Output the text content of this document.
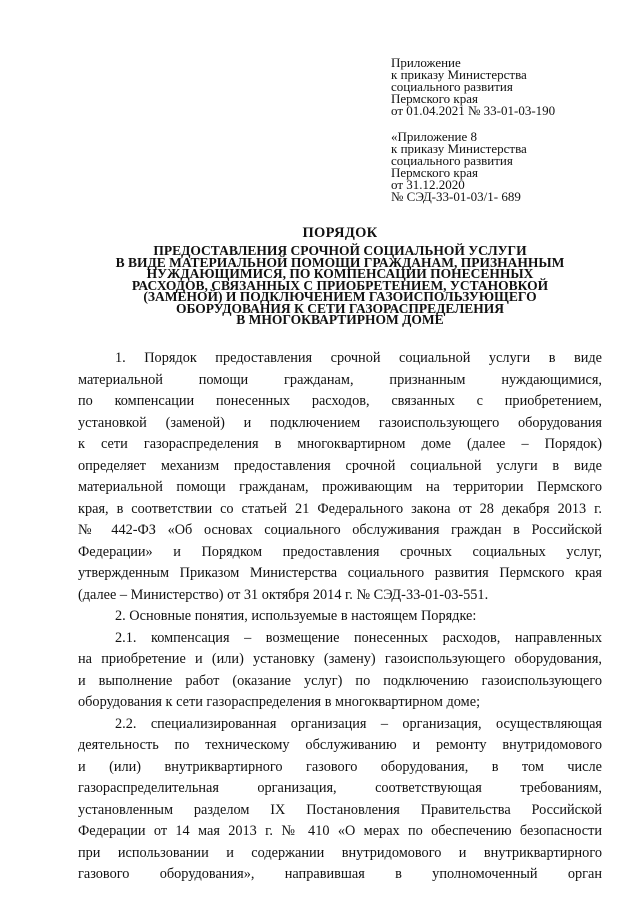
Приложение
к приказу Министерства
социального развития
Пермского края
от 01.04.2021 № 33-01-03-190
«Приложение 8
к приказу Министерства
социального развития
Пермского края
от 31.12.2020
№ СЭД-33-01-03/1- 689
ПОРЯДОК
ПРЕДОСТАВЛЕНИЯ СРОЧНОЙ СОЦИАЛЬНОЙ УСЛУГИ
В ВИДЕ МАТЕРИАЛЬНОЙ ПОМОЩИ ГРАЖДАНАМ, ПРИЗНАННЫМ
НУЖДАЮЩИМИСЯ, ПО КОМПЕНСАЦИИ ПОНЕСЕННЫХ
РАСХОДОВ, СВЯЗАННЫХ С ПРИОБРЕТЕНИЕМ, УСТАНОВКОЙ
(ЗАМЕНОЙ) И ПОДКЛЮЧЕНИЕМ ГАЗОИСПОЛЬЗУЮЩЕГО
ОБОРУДОВАНИЯ К СЕТИ ГАЗОРАСПРЕДЕЛЕНИЯ
В МНОГОКВАРТИРНОМ ДОМЕ
1. Порядок предоставления срочной социальной услуги в виде
материальной помощи гражданам, признанным нуждающимися,
по компенсации понесенных расходов, связанных с приобретением,
установкой (заменой) и подключением газоиспользующего оборудования
к сети газораспределения в многоквартирном доме (далее – Порядок)
определяет механизм предоставления срочной социальной услуги в виде
материальной помощи гражданам, проживающим на территории Пермского
края, в соответствии со статьей 21 Федерального закона от 28 декабря 2013 г.
№ 442-ФЗ «Об основах социального обслуживания граждан в Российской
Федерации» и Порядком предоставления срочных социальных услуг,
утвержденным Приказом Министерства социального развития Пермского края
(далее – Министерство) от 31 октября 2014 г. № СЭД-33-01-03-551.
2. Основные понятия, используемые в настоящем Порядке:
2.1. компенсация – возмещение понесенных расходов, направленных
на приобретение и (или) установку (замену) газоиспользующего оборудования,
и выполнение работ (оказание услуг) по подключению газоиспользующего
оборудования к сети газораспределения в многоквартирном доме;
2.2. специализированная организация – организация, осуществляющая
деятельность по техническому обслуживанию и ремонту внутридомового
и (или) внутриквартирного газового оборудования, в том числе
газораспределительная организация, соответствующая требованиям,
установленным разделом IX Постановления Правительства Российской
Федерации от 14 мая 2013 г. № 410 «О мерах по обеспечению безопасности
при использовании и содержании внутридомового и внутриквартирного
газового оборудования», направившая в уполномоченный орган
